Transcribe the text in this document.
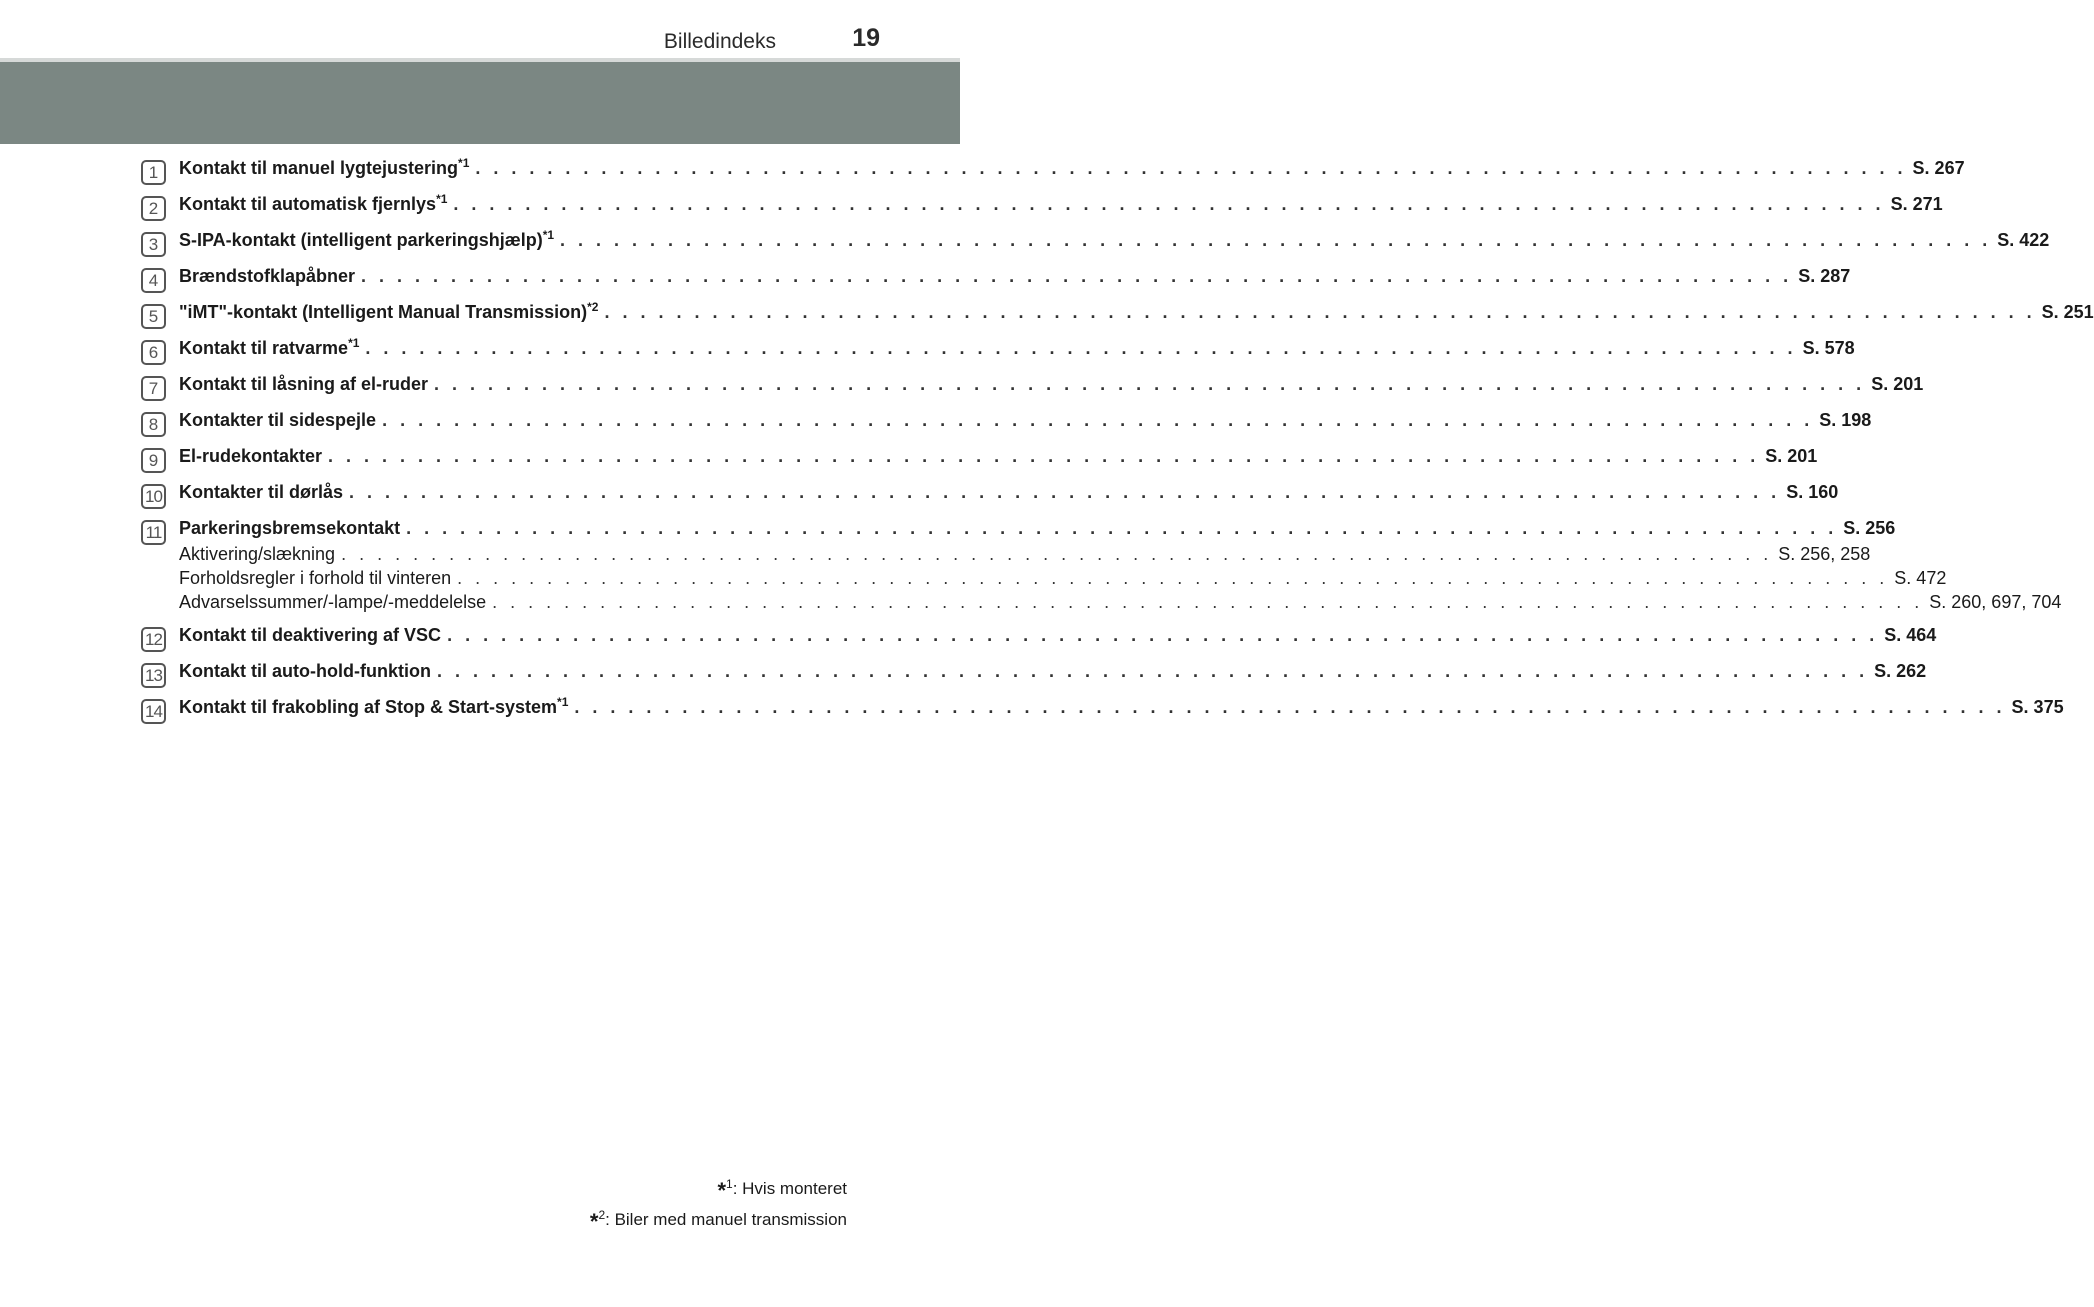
Billedindeks	19
1	Kontakt til manuel lygtejustering$^{*1}$ . . . . . . . . . . . . . . . . . . . . . . . . . . . . . . . . . . . . . . . . . . . . . . . . . . . . . . . . . . . . . . . . . . . . . . . . . . . . . . . . S. 267
2	Kontakt til automatisk fjernlys$^{*1}$ . . . . . . . . . . . . . . . . . . . . . . . . . . . . . . . . . . . . . . . . . . . . . . . . . . . . . . . . . . . . . . . . . . . . . . . . . . . . . . . . S. 271
3	S-IPA-kontakt (intelligent parkeringshjælp)$^{*1}$ . . . . . . . . . . . . . . . . . . . . . . . . . . . . . . . . . . . . . . . . . . . . . . . . . . . . . . . . . . . . . . . . . . . . . . . . . . . . . . . . S. 422
4	Brændstofklapåbner . . . . . . . . . . . . . . . . . . . . . . . . . . . . . . . . . . . . . . . . . . . . . . . . . . . . . . . . . . . . . . . . . . . . . . . . . . . . . . . . S. 287
5	"iMT"-kontakt (Intelligent Manual Transmission)$^{*2}$ . . . . . . . . . . . . . . . . . . . . . . . . . . . . . . . . . . . . . . . . . . . . . . . . . . . . . . . . . . . . . . . . . . . . . . . . . . . . . . . . S. 251
6	Kontakt til ratvarme$^{*1}$ . . . . . . . . . . . . . . . . . . . . . . . . . . . . . . . . . . . . . . . . . . . . . . . . . . . . . . . . . . . . . . . . . . . . . . . . . . . . . . . . S. 578
7	Kontakt til låsning af el-ruder . . . . . . . . . . . . . . . . . . . . . . . . . . . . . . . . . . . . . . . . . . . . . . . . . . . . . . . . . . . . . . . . . . . . . . . . . . . . . . . . S. 201
8	Kontakter til sidespejle . . . . . . . . . . . . . . . . . . . . . . . . . . . . . . . . . . . . . . . . . . . . . . . . . . . . . . . . . . . . . . . . . . . . . . . . . . . . . . . . S. 198
9	El-rudekontakter . . . . . . . . . . . . . . . . . . . . . . . . . . . . . . . . . . . . . . . . . . . . . . . . . . . . . . . . . . . . . . . . . . . . . . . . . . . . . . . . S. 201
10 Kontakter til dørlås . . . . . . . . . . . . . . . . . . . . . . . . . . . . . . . . . . . . . . . . . . . . . . . . . . . . . . . . . . . . . . . . . . . . . . . . . . . . . . . . S. 160
11 Parkeringsbremsekontakt . . . . . . . . . . . . . . . . . . . . . . . . . . . . . . . . . . . . . . . . . . . . . . . . . . . . . . . . . . . . . . . . . . . . . . . . . . . . . . . . S. 256
Aktivering/slækning . . . . . . . . . . . . . . . . . . . . . . . . . . . . . . . . . . . . . . . . . . . . . . . . . . . . . . . . . . . . . . . . . . . . . . . . . . . . . . . . S. 256, 258
Forholdsregler i forhold til vinteren . . . . . . . . . . . . . . . . . . . . . . . . . . . . . . . . . . . . . . . . . . . . . . . . . . . . . . . . . . . . . . . . . . . . . . . . . . . . . . . . S. 472
Advarselssummer/-lampe/-meddelelse . . . . . . . . . . . . . . . . . . . . . . . . . . . . . . . . . . . . . . . . . . . . . . . . . . . . . . . . . . . . . . . . . . . . . . . . . . . . . . . . S. 260, 697, 704
12 Kontakt til deaktivering af VSC . . . . . . . . . . . . . . . . . . . . . . . . . . . . . . . . . . . . . . . . . . . . . . . . . . . . . . . . . . . . . . . . . . . . . . . . . . . . . . . . S. 464
13 Kontakt til auto-hold-funktion . . . . . . . . . . . . . . . . . . . . . . . . . . . . . . . . . . . . . . . . . . . . . . . . . . . . . . . . . . . . . . . . . . . . . . . . . . . . . . . . S. 262
14 Kontakt til frakobling af Stop & Start-system$^{*1}$ . . . . . . . . . . . . . . . . . . . . . . . . . . . . . . . . . . . . . . . . . . . . . . . . . . . . . . . . . . . . . . . . . . . . . . . . . . . . . . . . S. 375
*$^1$: Hvis monteret
*$^2$: Biler med manuel transmission
